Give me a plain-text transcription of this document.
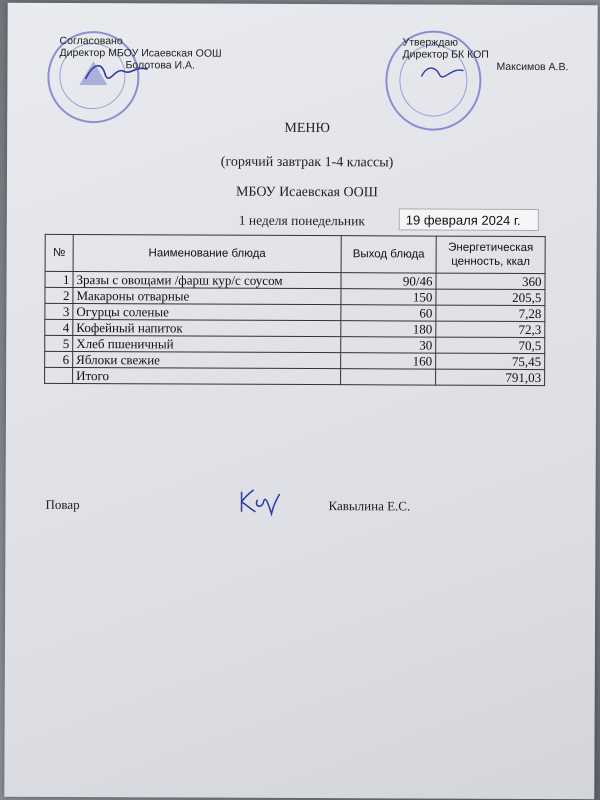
Согласовано
Директор МБОУ Исаевская ООШ
Болотова И.А.
Утверждаю
Директор БК КОП
Максимов А.В.
МЕНЮ
(горячий завтрак 1-4 классы)
МБОУ Исаевская ООШ
1 неделя понедельник	19 февраля 2024 г.
№	Наименование блюда	Выход блюда	Энергетическая ценность, ккал
1	Зразы с овощами /фарш кур/с соусом	90/46	360
2	Макароны отварные	150	205,5
3	Огурцы соленые	60	7,28
4	Кофейный напиток	180	72,3
5	Хлеб пшеничный	30	70,5
6	Яблоки свежие	160	75,45
	Итого		791,03
Повар	Кавылина Е.С.
